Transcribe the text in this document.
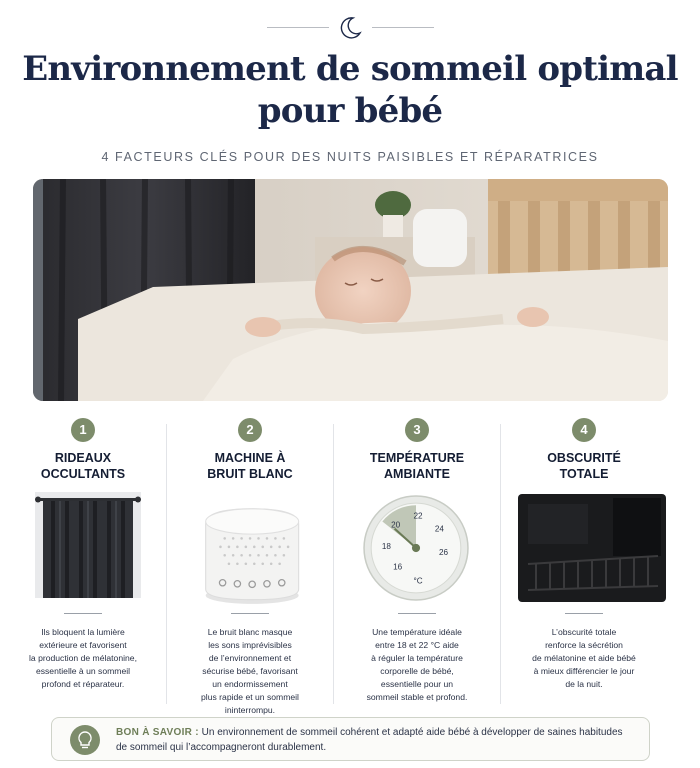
Environnement de sommeil optimal
pour bébé
4 FACTEURS CLÉS POUR DES NUITS PAISIBLES ET RÉPARATRICES
1
RIDEAUX
OCCULTANTS
Ils bloquent la lumière
extérieure et favorisent
la production de mélatonine,
essentielle à un sommeil
profond et réparateur.
2
MACHINE À
BRUIT BLANC
Le bruit blanc masque
les sons imprévisibles
de l’environnement et
sécurise bébé, favorisant
un endormissement
plus rapide et un sommeil
ininterrompu.
3
TEMPÉRATURE
AMBIANTE
16
18
20
22
24
26
°C
Une température idéale
entre 18 et 22 °C aide
à réguler la température
corporelle de bébé,
essentielle pour un
sommeil stable et profond.
4
OBSCURITÉ
TOTALE
L’obscurité totale
renforce la sécrétion
de mélatonine et aide bébé
à mieux différencier le jour
de la nuit.
BON À SAVOIR : Un environnement de sommeil cohérent et adapté aide bébé à développer de saines habitudes de sommeil qui l’accompagneront durablement.
